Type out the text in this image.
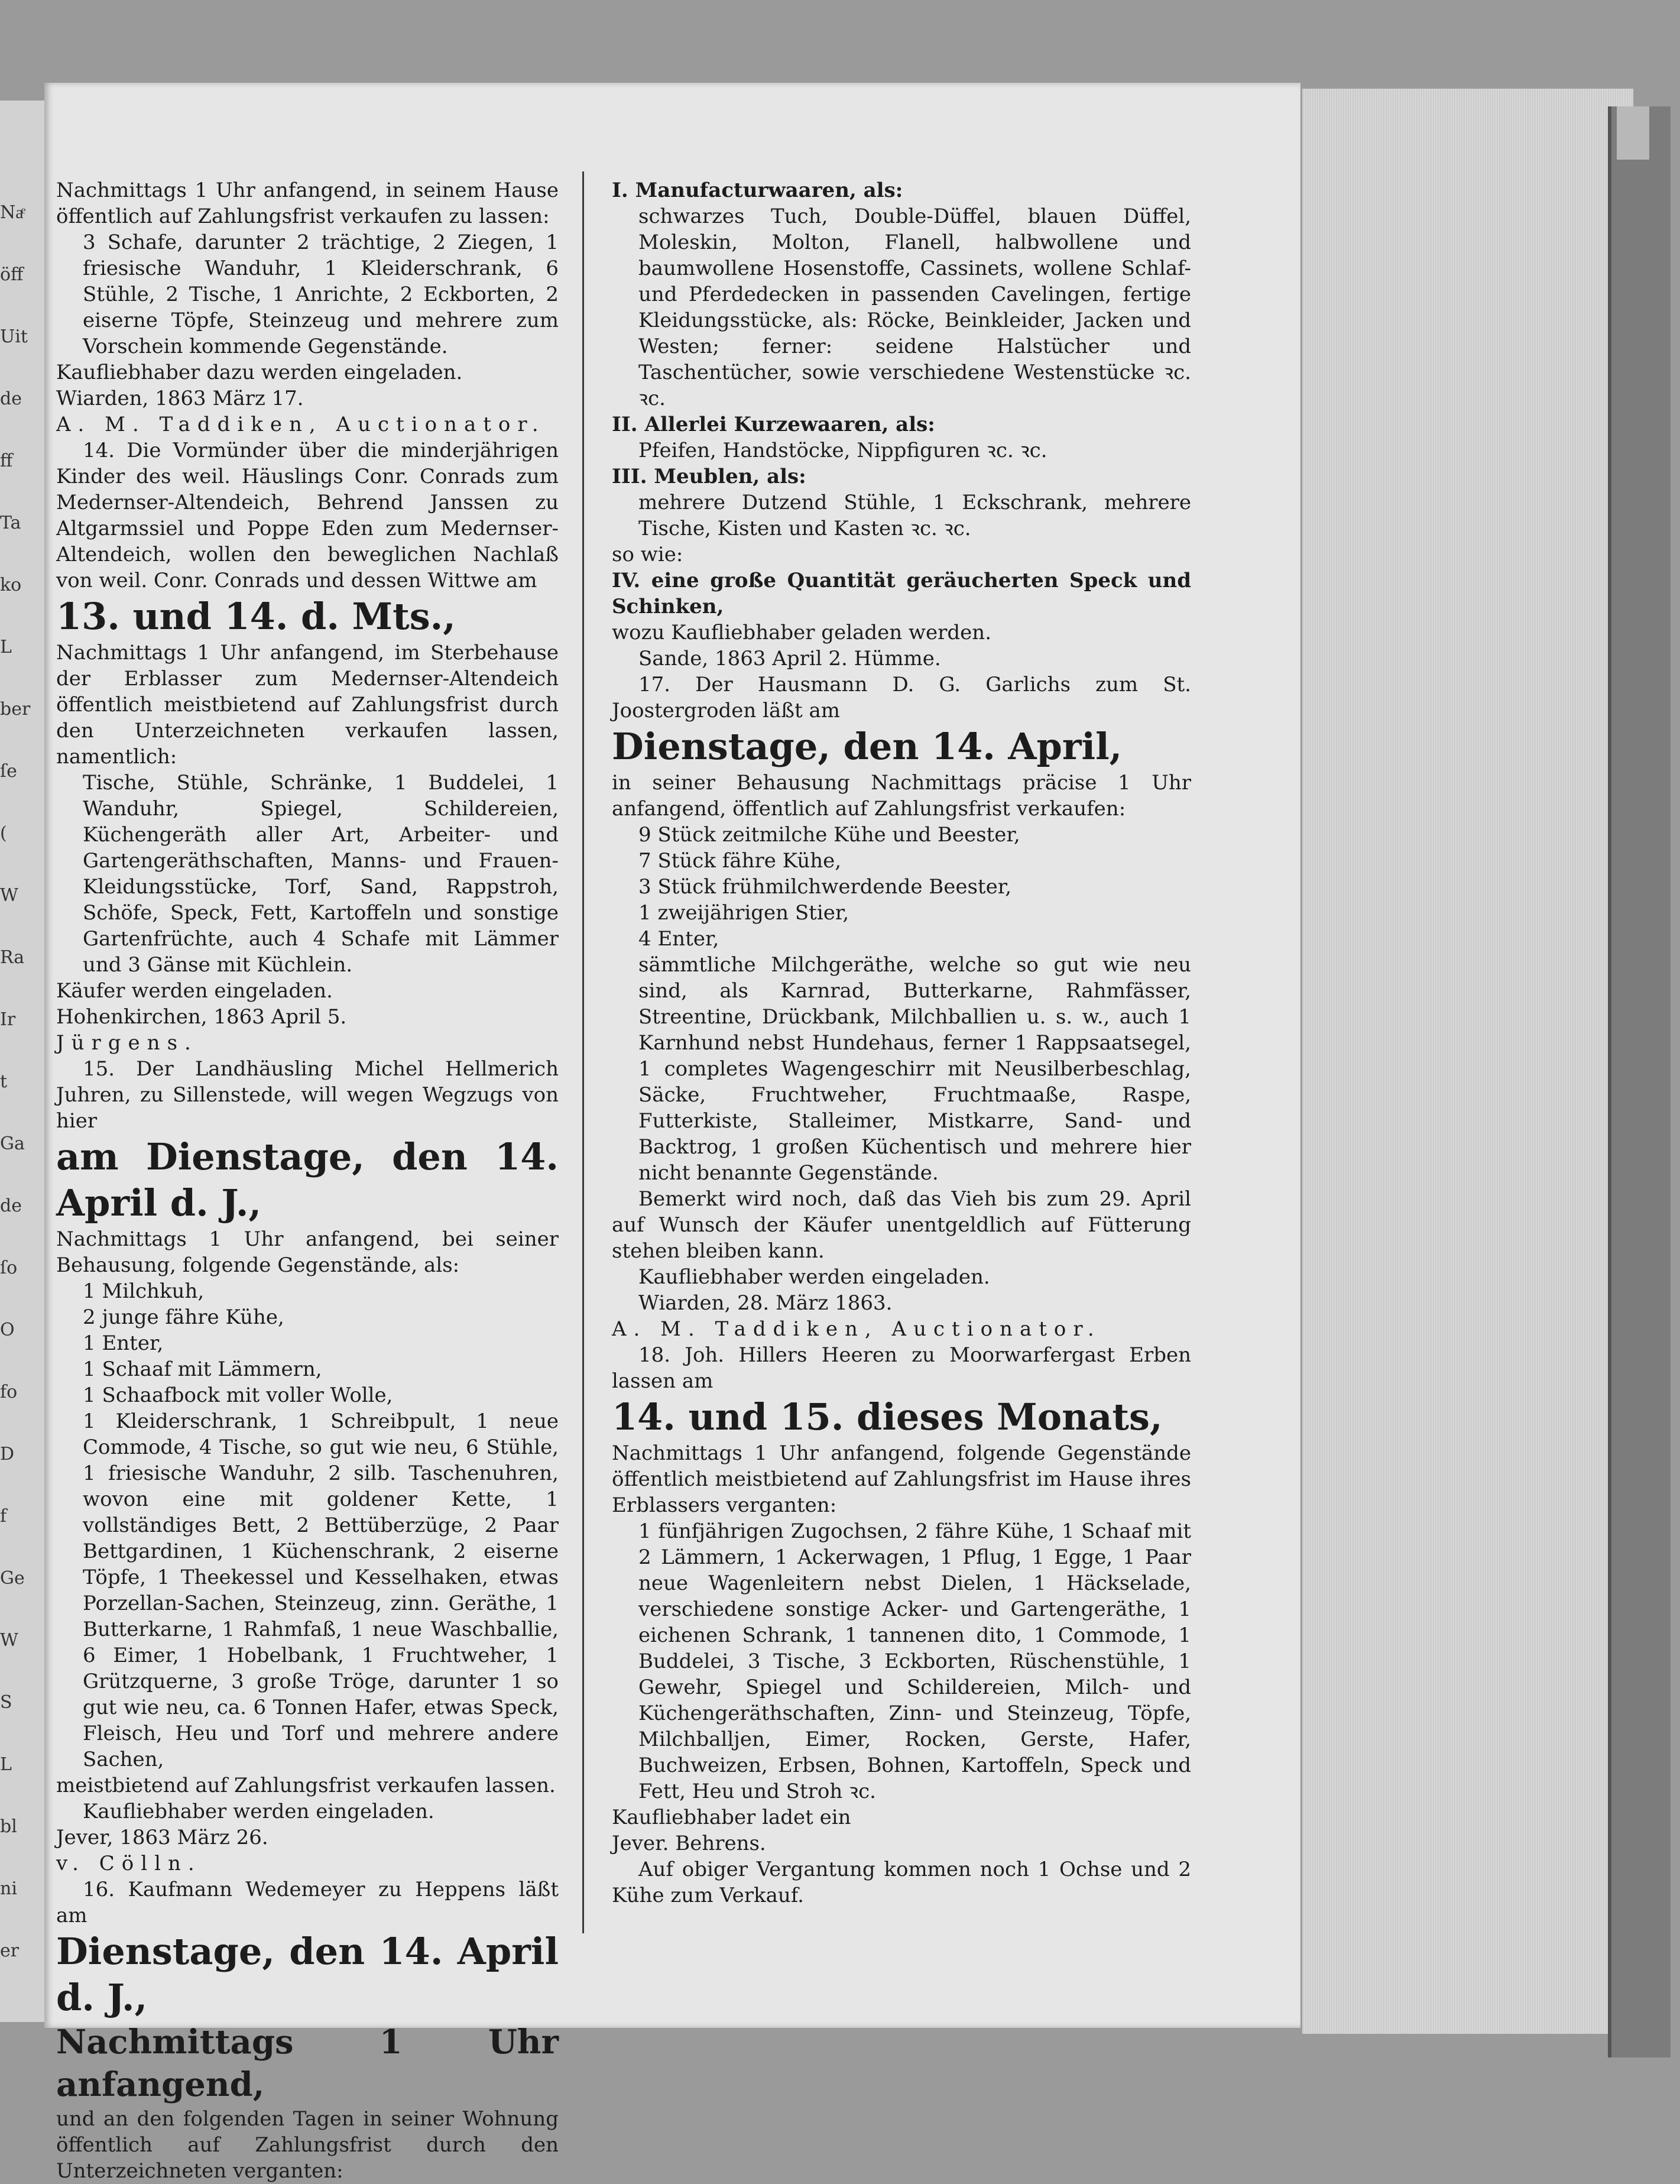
Naͤ
öff
Uit
de
ff
Ta
ko
L
ber
ſe
(
W
Ra
Ir
t
Ga
de
ſo
O
fo
D
f
Ge
W
S
L
bl
ni
er

Nachmittags 1 Uhr anfangend, in seinem Hause öffentlich auf Zahlungsfrist verkaufen zu lassen:

3 Schafe, darunter 2 trächtige, 2 Ziegen, 1 friesische Wanduhr, 1 Kleiderschrank, 6 Stühle, 2 Tische, 1 Anrichte, 2 Eckborten, 2 eiserne Töpfe, Steinzeug und mehrere zum Vorschein kommende Gegenstände.

Kaufliebhaber dazu werden eingeladen.

Wiarden, 1863 März 17.

A. M. Taddiken, Auctionator.

14. Die Vormünder über die minderjährigen Kinder des weil. Häuslings Conr. Conrads zum Medernser-Altendeich, Behrend Janssen zu Altgarmssiel und Poppe Eden zum Medernser-Altendeich, wollen den beweglichen Nachlaß von weil. Conr. Conrads und dessen Wittwe am

13. und 14. d. Mts.,

Nachmittags 1 Uhr anfangend, im Sterbehause der Erblasser zum Medernser-Altendeich öffentlich meistbietend auf Zahlungsfrist durch den Unterzeichneten verkaufen lassen, namentlich:

Tische, Stühle, Schränke, 1 Buddelei, 1 Wanduhr, Spiegel, Schildereien, Küchengeräth aller Art, Arbeiter- und Gartengeräthschaften, Manns- und Frauen-Kleidungsstücke, Torf, Sand, Rappstroh, Schöfe, Speck, Fett, Kartoffeln und sonstige Gartenfrüchte, auch 4 Schafe mit Lämmer und 3 Gänse mit Küchlein.

Käufer werden eingeladen.

Hohenkirchen, 1863 April 5.

Jürgens.

15. Der Landhäusling Michel Hellmerich Juhren, zu Sillenstede, will wegen Wegzugs von hier

am Dienstage, den 14. April d. J.,

Nachmittags 1 Uhr anfangend, bei seiner Behausung, folgende Gegenstände, als:

1 Milchkuh,

2 junge fähre Kühe,

1 Enter,

1 Schaaf mit Lämmern,

1 Schaafbock mit voller Wolle,

1 Kleiderschrank, 1 Schreibpult, 1 neue Commode, 4 Tische, so gut wie neu, 6 Stühle, 1 friesische Wanduhr, 2 silb. Taschenuhren, wovon eine mit goldener Kette, 1 vollständiges Bett, 2 Bettüberzüge, 2 Paar Bettgardinen, 1 Küchenschrank, 2 eiserne Töpfe, 1 Theekessel und Kesselhaken, etwas Porzellan-Sachen, Steinzeug, zinn. Geräthe, 1 Butterkarne, 1 Rahmfaß, 1 neue Waschballie, 6 Eimer, 1 Hobelbank, 1 Fruchtweher, 1 Grützquerne, 3 große Tröge, darunter 1 so gut wie neu, ca. 6 Tonnen Hafer, etwas Speck, Fleisch, Heu und Torf und mehrere andere Sachen,

meistbietend auf Zahlungsfrist verkaufen lassen.

Kaufliebhaber werden eingeladen.

Jever, 1863 März 26.

v. Cölln.

16. Kaufmann Wedemeyer zu Heppens läßt am

Dienstage, den 14. April d. J.,

Nachmittags 1 Uhr anfangend,

und an den folgenden Tagen in seiner Wohnung öffentlich auf Zahlungsfrist durch den Unterzeichneten verganten:

I. Manufacturwaaren, als:

schwarzes Tuch, Double-Düffel, blauen Düffel, Moleskin, Molton, Flanell, halbwollene und baumwollene Hosenstoffe, Cassinets, wollene Schlaf- und Pferdedecken in passenden Cavelingen, fertige Kleidungsstücke, als: Röcke, Beinkleider, Jacken und Westen; ferner: seidene Halstücher und Taschentücher, sowie verschiedene Westenstücke ꝛc. ꝛc.

II. Allerlei Kurzewaaren, als:

Pfeifen, Handstöcke, Nippfiguren ꝛc. ꝛc.

III. Meublen, als:

mehrere Dutzend Stühle, 1 Eckschrank, mehrere Tische, Kisten und Kasten ꝛc. ꝛc.

so wie:

IV. eine große Quantität geräucherten Speck und Schinken,

wozu Kaufliebhaber geladen werden.

Sande, 1863 April 2. Hümme.

17. Der Hausmann D. G. Garlichs zum St. Joostergroden läßt am

Dienstage, den 14. April,

in seiner Behausung Nachmittags präcise 1 Uhr anfangend, öffentlich auf Zahlungsfrist verkaufen:

9 Stück zeitmilche Kühe und Beester,

7 Stück fähre Kühe,

3 Stück frühmilchwerdende Beester,

1 zweijährigen Stier,

4 Enter,

sämmtliche Milchgeräthe, welche so gut wie neu sind, als Karnrad, Butterkarne, Rahmfässer, Streentine, Drückbank, Milchballien u. s. w., auch 1 Karnhund nebst Hundehaus, ferner 1 Rappsaatsegel, 1 completes Wagengeschirr mit Neusilberbeschlag, Säcke, Fruchtweher, Fruchtmaaße, Raspe, Futterkiste, Stalleimer, Mistkarre, Sand- und Backtrog, 1 großen Küchentisch und mehrere hier nicht benannte Gegenstände.

Bemerkt wird noch, daß das Vieh bis zum 29. April auf Wunsch der Käufer unentgeldlich auf Fütterung stehen bleiben kann.

Kaufliebhaber werden eingeladen.

Wiarden, 28. März 1863.

A. M. Taddiken, Auctionator.

18. Joh. Hillers Heeren zu Moorwarfergast Erben lassen am

14. und 15. dieses Monats,

Nachmittags 1 Uhr anfangend, folgende Gegenstände öffentlich meistbietend auf Zahlungsfrist im Hause ihres Erblassers verganten:

1 fünfjährigen Zugochsen, 2 fähre Kühe, 1 Schaaf mit 2 Lämmern, 1 Ackerwagen, 1 Pflug, 1 Egge, 1 Paar neue Wagenleitern nebst Dielen, 1 Häckselade, verschiedene sonstige Acker- und Gartengeräthe, 1 eichenen Schrank, 1 tannenen dito, 1 Commode, 1 Buddelei, 3 Tische, 3 Eckborten, Rüschenstühle, 1 Gewehr, Spiegel und Schildereien, Milch- und Küchengeräthschaften, Zinn- und Steinzeug, Töpfe, Milchballjen, Eimer, Rocken, Gerste, Hafer, Buchweizen, Erbsen, Bohnen, Kartoffeln, Speck und Fett, Heu und Stroh ꝛc.

Kaufliebhaber ladet ein

Jever. Behrens.

Auf obiger Vergantung kommen noch 1 Ochse und 2 Kühe zum Verkauf.
